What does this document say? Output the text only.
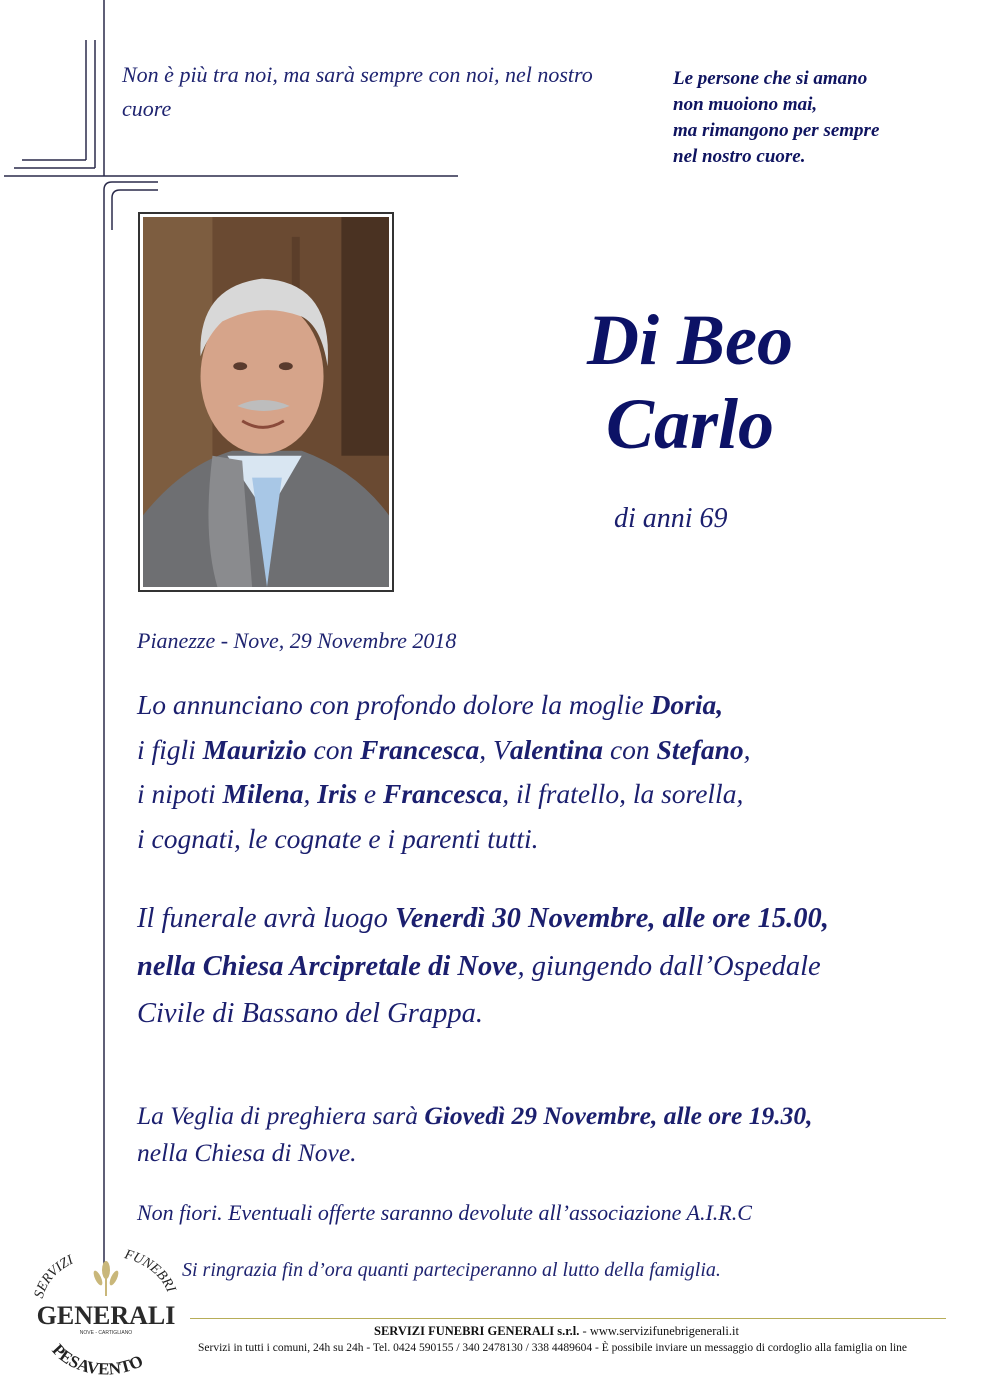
Non è più tra noi, ma sarà sempre con noi, nel nostro cuore
Le persone che si amano
non muoiono mai,
ma rimangono per sempre
nel nostro cuore.
Di Beo
Carlo
di anni 69
Pianezze - Nove, 29 Novembre 2018
Lo annunciano con profondo dolore la moglie Doria,
i figli Maurizio con Francesca, Valentina con Stefano,
i nipoti Milena, Iris e Francesca, il fratello, la sorella,
i cognati, le cognate e i parenti tutti.
Il funerale avrà luogo Venerdì 30 Novembre, alle ore 15.00,
nella Chiesa Arcipretale di Nove, giungendo dall’Ospedale
Civile di Bassano del Grappa.
La Veglia di preghiera sarà Giovedì 29 Novembre, alle ore 19.30,
nella Chiesa di Nove.
Non fiori. Eventuali offerte saranno devolute all’associazione A.I.R.C
Si ringrazia fin d’ora quanti parteciperanno al lutto della famiglia.
SERVIZI	FUNEBRI
GENERALI
NOVE - CARTIGLIANO
PESAVENTO
SERVIZI FUNEBRI GENERALI s.r.l. - www.servizifunebrigenerali.it
Servizi in tutti i comuni, 24h su 24h - Tel. 0424 590155 / 340 2478130 / 338 4489604 - È possibile inviare un messaggio di cordoglio alla famiglia on line
